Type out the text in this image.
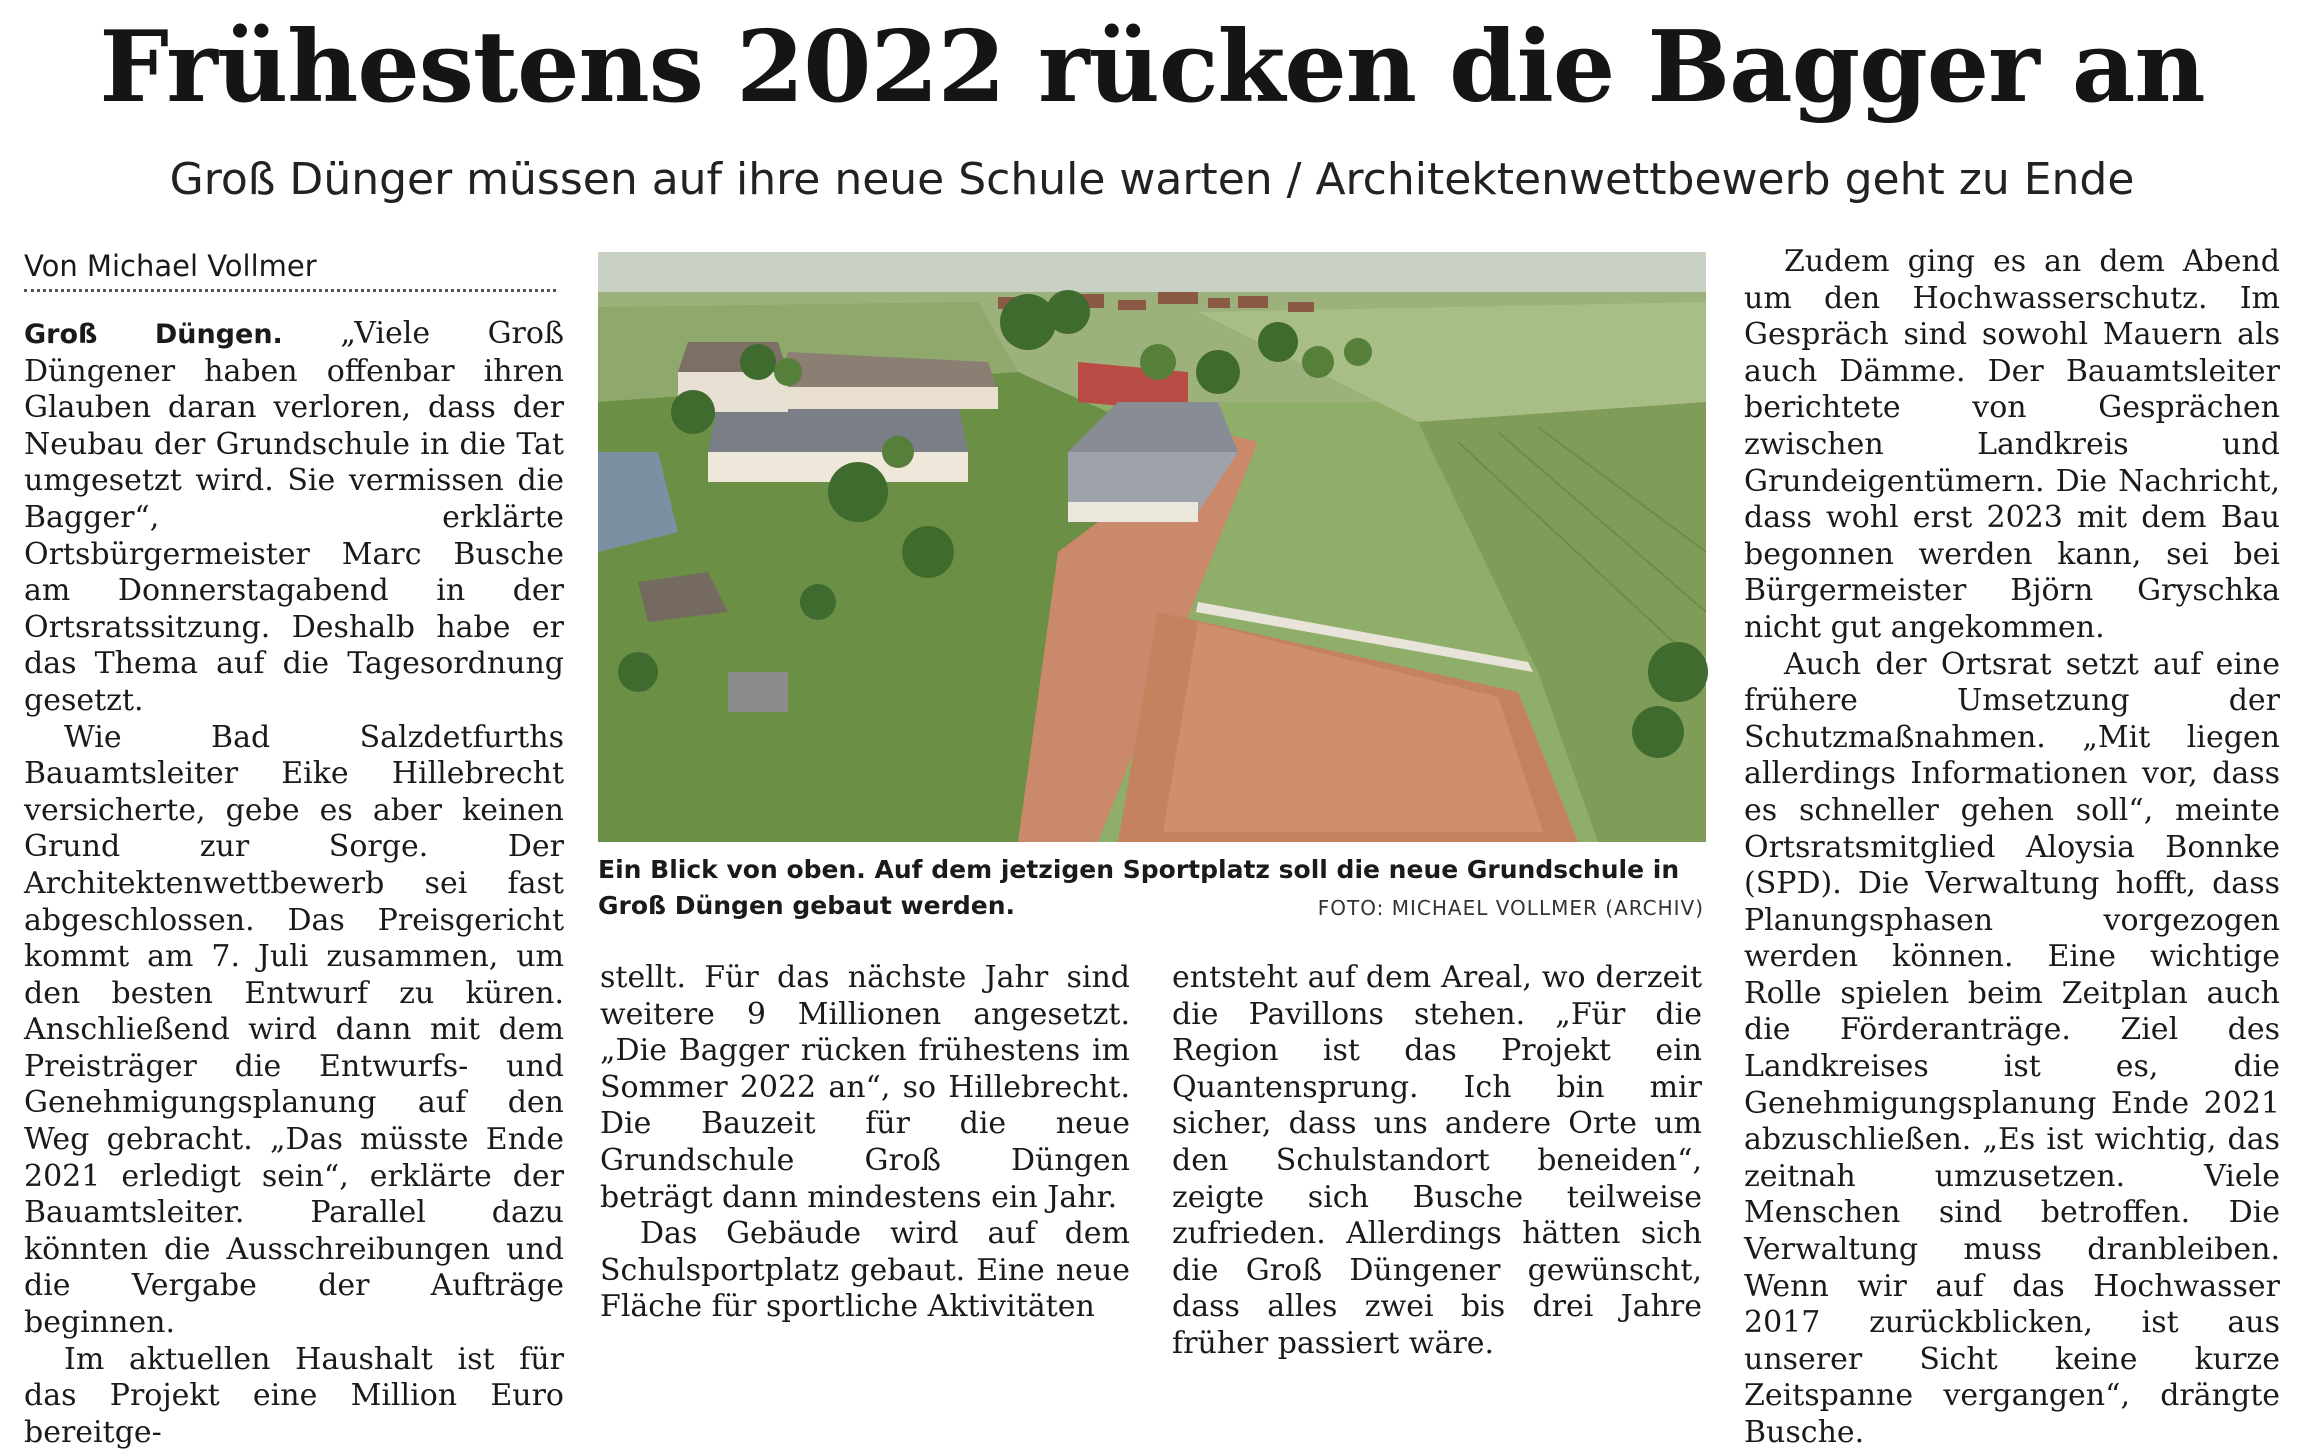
Frühestens 2022 rücken die Bagger an
Groß Dünger müssen auf ihre neue Schule warten / Architektenwettbewerb geht zu Ende
Von Michael Vollmer

Groß Düngen. „Viele Groß Düngener haben offenbar ihren Glauben daran verloren, dass der Neubau der Grundschule in die Tat umgesetzt wird. Sie vermissen die Bagger“, erklärte Ortsbürgermeister Marc Busche am Donnerstagabend in der Ortsratssitzung. Deshalb habe er das Thema auf die Tagesordnung gesetzt.

Wie Bad Salzdetfurths Bauamtsleiter Eike Hillebrecht versicherte, gebe es aber keinen Grund zur Sorge. Der Architektenwettbewerb sei fast abgeschlossen. Das Preisgericht kommt am 7. Juli zusammen, um den besten Entwurf zu küren. Anschließend wird dann mit dem Preisträger die Entwurfs- und Genehmigungsplanung auf den Weg gebracht. „Das müsste Ende 2021 erledigt sein“, erklärte der Bauamtsleiter. Parallel dazu könnten die Ausschreibungen und die Vergabe der Aufträge beginnen.

Im aktuellen Haushalt ist für das Projekt eine Million Euro bereitge-

Ein Blick von oben. Auf dem jetzigen Sportplatz soll die neue Grundschule in Groß Düngen gebaut werden.	FOTO: MICHAEL VOLLMER (ARCHIV)

stellt. Für das nächste Jahr sind weitere 9 Millionen angesetzt. „Die Bagger rücken frühestens im Sommer 2022 an“, so Hillebrecht. Die Bauzeit für die neue Grundschule Groß Düngen beträgt dann mindestens ein Jahr.

Das Gebäude wird auf dem Schulsportplatz gebaut. Eine neue Fläche für sportliche Aktivitäten

entsteht auf dem Areal, wo derzeit die Pavillons stehen. „Für die Region ist das Projekt ein Quantensprung. Ich bin mir sicher, dass uns andere Orte um den Schulstandort beneiden“, zeigte sich Busche teilweise zufrieden. Allerdings hätten sich die Groß Düngener gewünscht, dass alles zwei bis drei Jahre früher passiert wäre.

Zudem ging es an dem Abend um den Hochwasserschutz. Im Gespräch sind sowohl Mauern als auch Dämme. Der Bauamtsleiter berichtete von Gesprächen zwischen Landkreis und Grundeigentümern. Die Nachricht, dass wohl erst 2023 mit dem Bau begonnen werden kann, sei bei Bürgermeister Björn Gryschka nicht gut angekommen.

Auch der Ortsrat setzt auf eine frühere Umsetzung der Schutzmaßnahmen. „Mit liegen allerdings Informationen vor, dass es schneller gehen soll“, meinte Ortsratsmitglied Aloysia Bonnke (SPD). Die Verwaltung hofft, dass Planungsphasen vorgezogen werden können. Eine wichtige Rolle spielen beim Zeitplan auch die Förderanträge. Ziel des Landkreises ist es, die Genehmigungsplanung Ende 2021 abzuschließen. „Es ist wichtig, das zeitnah umzusetzen. Viele Menschen sind betroffen. Die Verwaltung muss dranbleiben. Wenn wir auf das Hochwasser 2017 zurückblicken, ist aus unserer Sicht keine kurze Zeitspanne vergangen“, drängte Busche.
